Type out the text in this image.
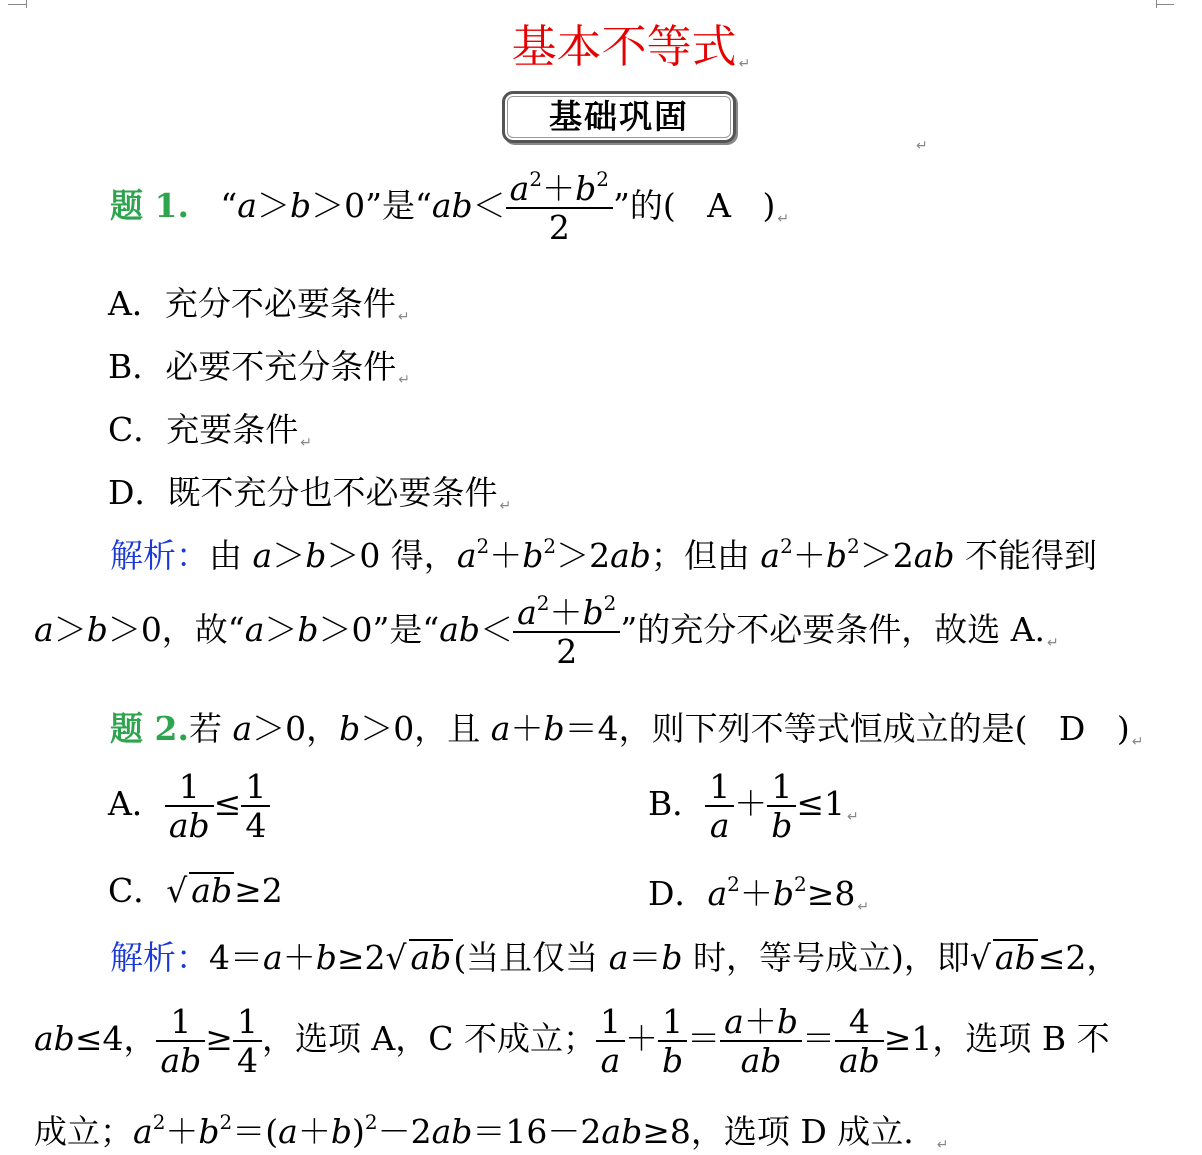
基本不等式 ↵
基础巩固
↵
题 1.   “a＞b＞0”是“$ab< \frac{a^2+b^2}{2}$ ”的(   A   ) ↵
A．充分不必要条件 ↵
B．必要不充分条件 ↵
C．充要条件 ↵
D．既不充分也不必要条件 ↵
解析：由 a＞b＞0 得，$a^2+b^2>2ab$；但由 $a^2+b^2>2ab$ 不能得到
a＞b＞0，故“a＞b＞0”是“$ab< \frac{a^2+b^2}{2}$ ”的充分不必要条件，故选 A. ↵
题 2.若 a＞0，b＞0，且 a＋b＝4，则下列不等式恒成立的是(   D   ) ↵
A． $\frac{1}{ab} \le \frac{1}{4}$	B． $\frac{1}{a} + \frac{1}{b} \le 1$ ↵
C．√ ab≥2	D．$a^2+b^2\ge 8$ ↵
解析：4＝a＋b≥2√ ab(当且仅当 a＝b 时，等号成立)，即√ ab≤2，
ab≤4， $\frac{1}{ab} \ge \frac{1}{4}$ ，选项 A，C 不成立； $\frac{1}{a} + \frac{1}{b} = \frac{a+b}{ab} = \frac{4}{ab} \ge 1$，选项 B 不
成立；$a^2+b^2=(a+b)^2-2ab=16-2ab\ge 8$，选项 D 成立.  ↵
